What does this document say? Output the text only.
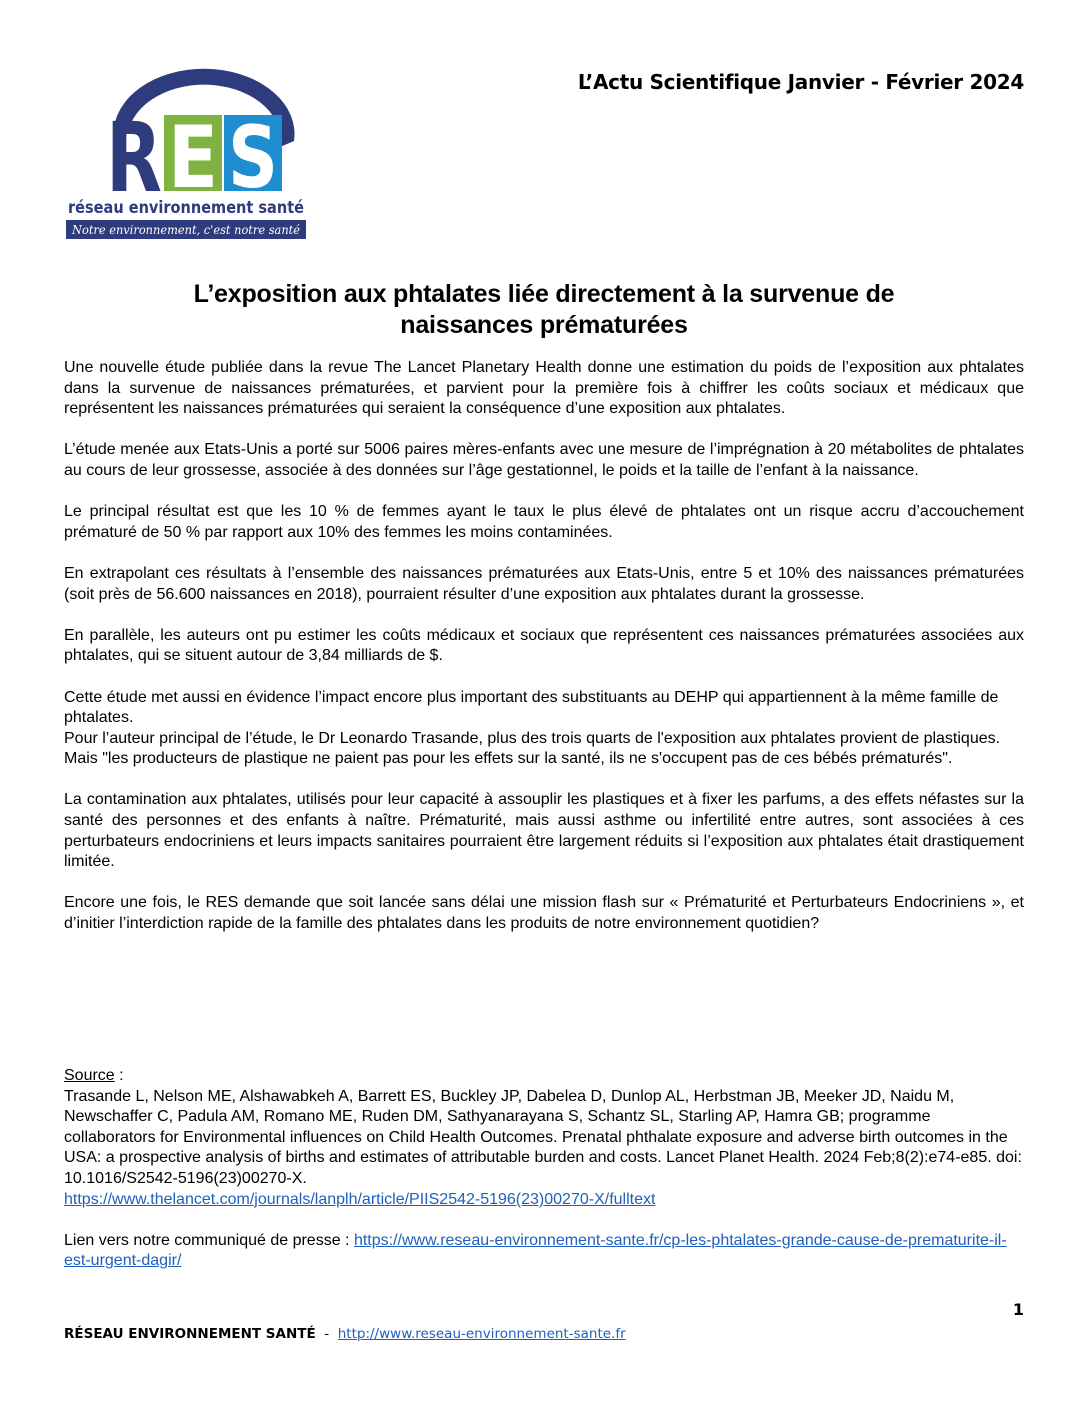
R E S
réseau environnement santé
Notre environnement, c'est notre santé
L’Actu Scientifique Janvier - Février 2024
L’exposition aux phtalates liée directement à la survenue de
naissances prématurées

Une nouvelle étude publiée dans la revue The Lancet Planetary Health donne une estimation du poids de l’exposition aux phtalates dans la survenue de naissances prématurées, et parvient pour la première fois à chiffrer les coûts sociaux et médicaux que représentent les naissances prématurées qui seraient la conséquence d’une exposition aux phtalates.

L’étude menée aux Etats-Unis a porté sur 5006 paires mères-enfants avec une mesure de l’imprégnation à 20 métabolites de phtalates au cours de leur grossesse, associée à des données sur l’âge gestationnel, le poids et la taille de l’enfant à la naissance.

Le principal résultat est que les 10 % de femmes ayant le taux le plus élevé de phtalates ont un risque accru d’accouchement prématuré de 50 % par rapport aux 10% des femmes les moins contaminées.

En extrapolant ces résultats à l’ensemble des naissances prématurées aux Etats-Unis, entre 5 et 10% des naissances prématurées (soit près de 56.600 naissances en 2018), pourraient résulter d’une exposition aux phtalates durant la grossesse.

En parallèle, les auteurs ont pu estimer les coûts médicaux et sociaux que représentent ces naissances prématurées associées aux phtalates, qui se situent autour de 3,84 milliards de $.

Cette étude met aussi en évidence l’impact encore plus important des substituants au DEHP qui appartiennent à la même famille de phtalates.

Pour l’auteur principal de l’étude, le Dr Leonardo Trasande, plus des trois quarts de l'exposition aux phtalates provient de plastiques. Mais "les producteurs de plastique ne paient pas pour les effets sur la santé, ils ne s'occupent pas de ces bébés prématurés".

La contamination aux phtalates, utilisés pour leur capacité à assouplir les plastiques et à fixer les parfums, a des effets néfastes sur la santé des personnes et des enfants à naître. Prématurité, mais aussi asthme ou infertilité entre autres, sont associées à ces perturbateurs endocriniens et leurs impacts sanitaires pourraient être largement réduits si l’exposition aux phtalates était drastiquement limitée.

Encore une fois, le RES demande que soit lancée sans délai une mission flash sur « Prématurité et Perturbateurs Endocriniens », et d’initier l’interdiction rapide de la famille des phtalates dans les produits de notre environnement quotidien?

Source :

Trasande L, Nelson ME, Alshawabkeh A, Barrett ES, Buckley JP, Dabelea D, Dunlop AL, Herbstman JB, Meeker JD, Naidu M, Newschaffer C, Padula AM, Romano ME, Ruden DM, Sathyanarayana S, Schantz SL, Starling AP, Hamra GB; programme collaborators for Environmental influences on Child Health Outcomes. Prenatal phthalate exposure and adverse birth outcomes in the USA: a prospective analysis of births and estimates of attributable burden and costs. Lancet Planet Health. 2024 Feb;8(2):e74-e85. doi: 10.1016/S2542-5196(23)00270-X.

https://www.thelancet.com/journals/lanplh/article/PIIS2542-5196(23)00270-X/fulltext

Lien vers notre communiqué de presse : https://www.reseau-environnement-sante.fr/cp-les-phtalates-grande-cause-de-prematurite-il-est-urgent-dagir/

1
RÉSEAU ENVIRONNEMENT SANTÉ  -  http://www.reseau-environnement-sante.fr
